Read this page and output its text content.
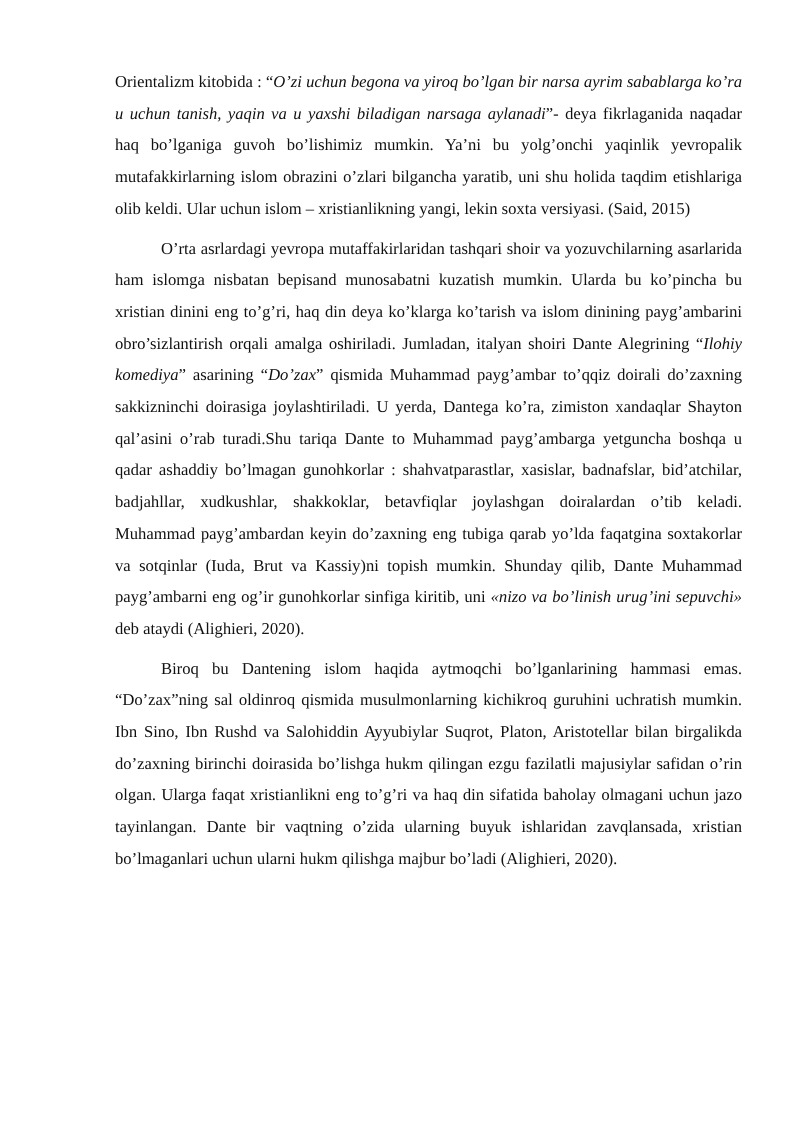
Orientalizm kitobida : “O’zi uchun begona va yiroq bo’lgan bir narsa ayrim sabablarga ko’ra u uchun tanish, yaqin va u yaxshi biladigan narsaga aylanadi”- deya fikrlaganida naqadar haq bo’lganiga guvoh bo’lishimiz mumkin. Ya’ni bu yolg’onchi yaqinlik yevropalik mutafakkirlarning islom obrazini o’zlari bilgancha yaratib, uni shu holida taqdim etishlariga olib keldi. Ular uchun islom – xristianlikning yangi, lekin soxta versiyasi. (Said, 2015)

O’rta asrlardagi yevropa mutaffakirlaridan tashqari shoir va yozuvchilarning asarlarida ham islomga nisbatan bepisand munosabatni kuzatish mumkin. Ularda bu ko’pincha bu xristian dinini eng to’g’ri, haq din deya ko’klarga ko’tarish va islom dinining payg’ambarini obro’sizlantirish orqali amalga oshiriladi. Jumladan, italyan shoiri Dante Alegrining “Ilohiy komediya” asarining “Do’zax” qismida Muhammad payg’ambar to’qqiz doirali do’zaxning sakkizninchi doirasiga joylashtiriladi. U yerda, Dantega ko’ra, zimiston xandaqlar Shayton qal’asini o’rab turadi.Shu tariqa Dante to Muhammad payg’ambarga yetguncha boshqa u qadar ashaddiy bo’lmagan gunohkorlar : shahvatparastlar, xasislar, badnafslar, bid’atchilar, badjahllar, xudkushlar, shakkoklar, betavfiqlar joylashgan doiralardan o’tib keladi. Muhammad payg’ambardan keyin do’zaxning eng tubiga qarab yo’lda faqatgina soxtakorlar va sotqinlar (Iuda, Brut va Kassiy)ni topish mumkin. Shunday qilib, Dante Muhammad payg’ambarni eng og’ir gunohkorlar sinfiga kiritib, uni «nizo va bo’linish urug’ini sepuvchi» deb ataydi (Alighieri, 2020).

Biroq bu Dantening islom haqida aytmoqchi bo’lganlarining hammasi emas. “Do’zax”ning sal oldinroq qismida musulmonlarning kichikroq guruhini uchratish mumkin. Ibn Sino, Ibn Rushd va Salohiddin Ayyubiylar Suqrot, Platon, Aristotellar bilan birgalikda do’zaxning birinchi doirasida bo’lishga hukm qilingan ezgu fazilatli majusiylar safidan o’rin olgan. Ularga faqat xristianlikni eng to’g’ri va haq din sifatida baholay olmagani uchun jazo tayinlangan. Dante bir vaqtning o’zida ularning buyuk ishlaridan zavqlansada, xristian bo’lmaganlari uchun ularni hukm qilishga majbur bo’ladi (Alighieri, 2020).
